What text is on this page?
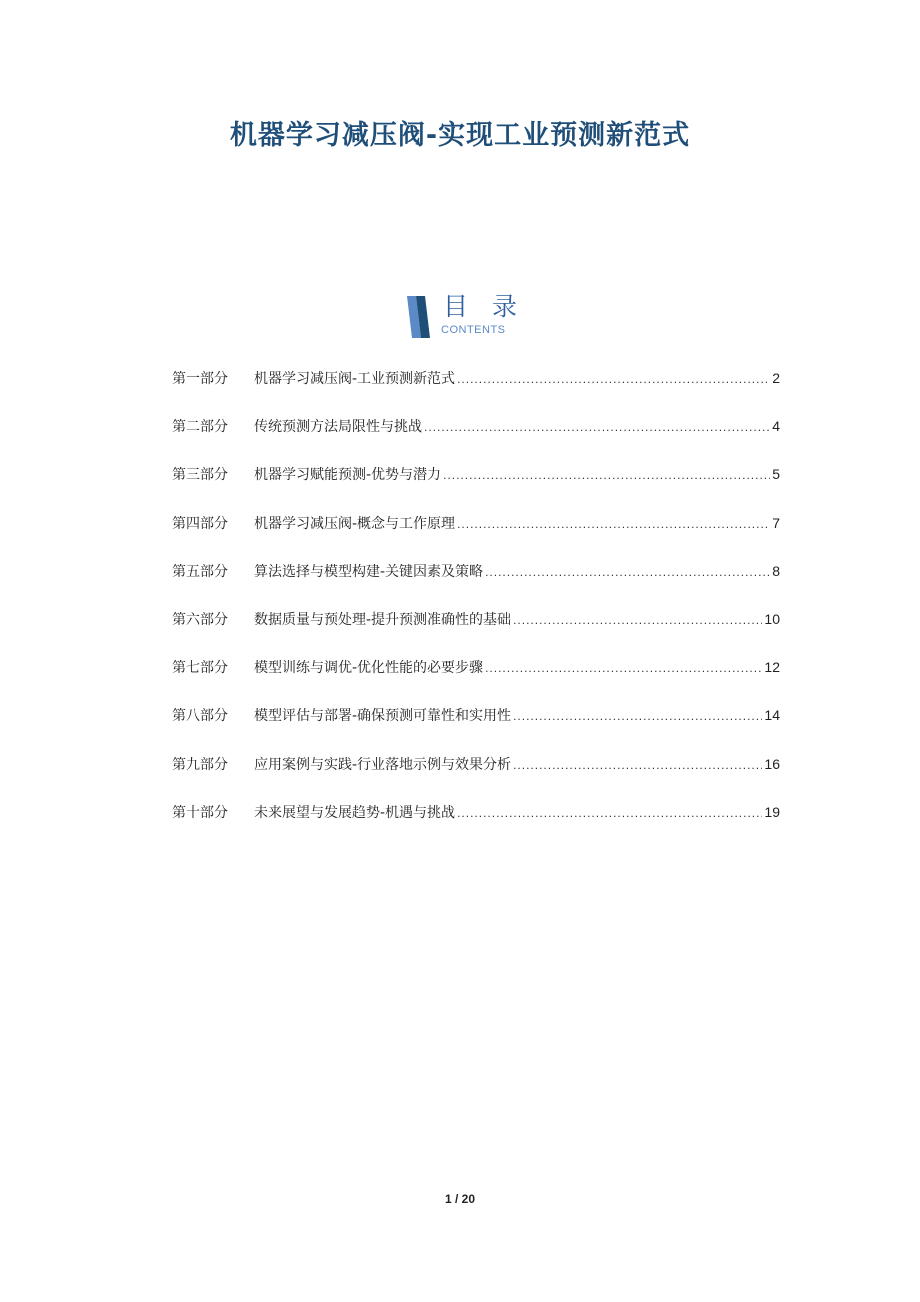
机器学习减压阀-实现工业预测新范式
目 录
CONTENTS
第一部分	机器学习减压阀-工业预测新范式 .....	2
第二部分	传统预测方法局限性与挑战 .....	4
第三部分	机器学习赋能预测-优势与潜力 .....	5
第四部分	机器学习减压阀-概念与工作原理 .....	7
第五部分	算法选择与模型构建-关键因素及策略 .....	8
第六部分	数据质量与预处理-提升预测准确性的基础 .....	10
第七部分	模型训练与调优-优化性能的必要步骤 .....	12
第八部分	模型评估与部署-确保预测可靠性和实用性 .....	14
第九部分	应用案例与实践-行业落地示例与效果分析 .....	16
第十部分	未来展望与发展趋势-机遇与挑战 .....	19
1 / 20
